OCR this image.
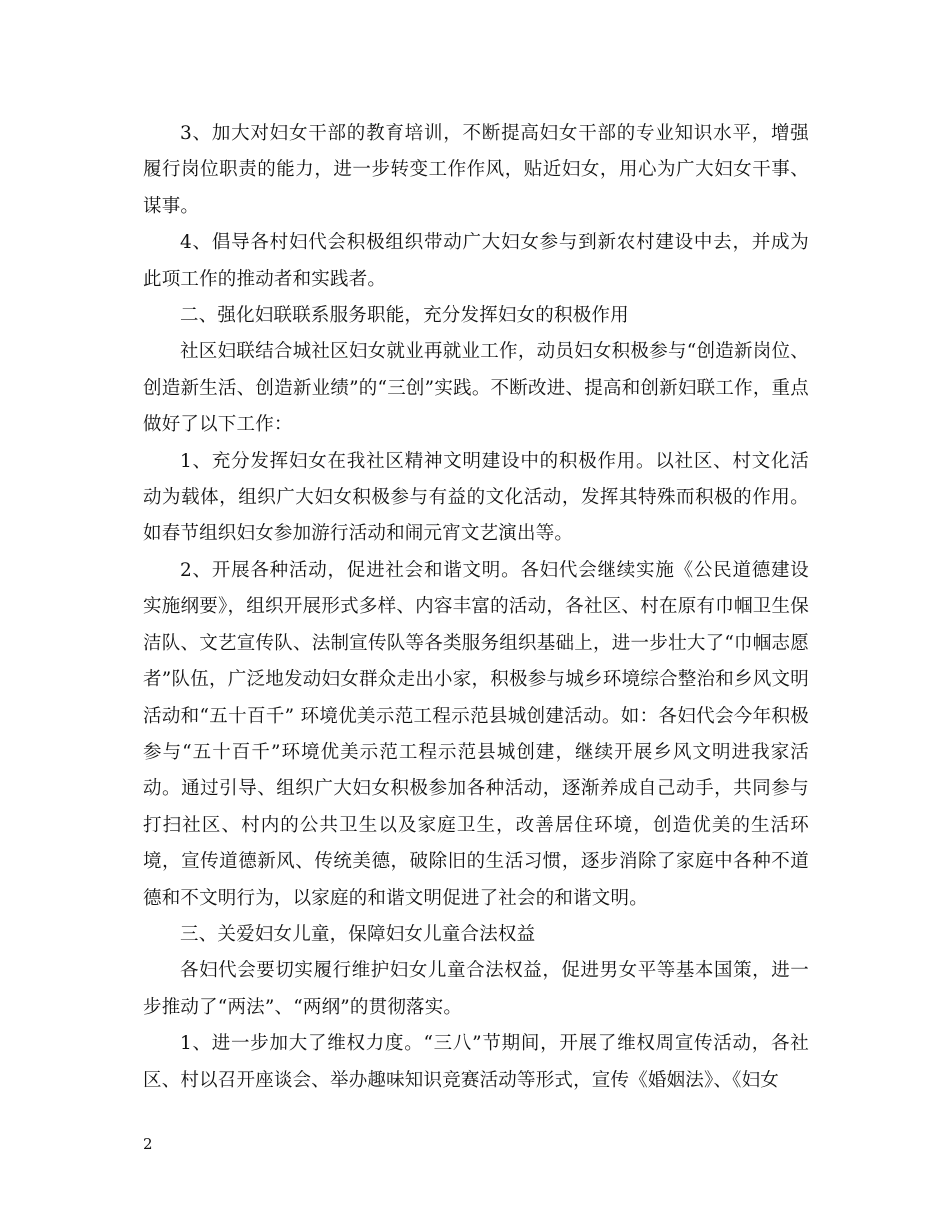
3、加大对妇女干部的教育培训，不断提高妇女干部的专业知识水平，增强履行岗位职责的能力，进一步转变工作作风，贴近妇女，用心为广大妇女干事、谋事。

4、倡导各村妇代会积极组织带动广大妇女参与到新农村建设中去，并成为此项工作的推动者和实践者。

二、强化妇联联系服务职能，充分发挥妇女的积极作用

社区妇联结合城社区妇女就业再就业工作，动员妇女积极参与“创造新岗位、创造新生活、创造新业绩”的“三创”实践。不断改进、提高和创新妇联工作，重点做好了以下工作：

1、充分发挥妇女在我社区精神文明建设中的积极作用。以社区、村文化活动为载体，组织广大妇女积极参与有益的文化活动，发挥其特殊而积极的作用。如春节组织妇女参加游行活动和闹元宵文艺演出等。

2、开展各种活动，促进社会和谐文明。各妇代会继续实施《公民道德建设实施纲要》，组织开展形式多样、内容丰富的活动，各社区、村在原有巾帼卫生保洁队、文艺宣传队、法制宣传队等各类服务组织基础上，进一步壮大了“巾帼志愿者”队伍，广泛地发动妇女群众走出小家，积极参与城乡环境综合整治和乡风文明活动和“五十百千” 环境优美示范工程示范县城创建活动。如：各妇代会今年积极参与“五十百千”环境优美示范工程示范县城创建，继续开展乡风文明进我家活动。通过引导、组织广大妇女积极参加各种活动，逐渐养成自己动手，共同参与打扫社区、村内的公共卫生以及家庭卫生，改善居住环境，创造优美的生活环境，宣传道德新风、传统美德，破除旧的生活习惯，逐步消除了家庭中各种不道德和不文明行为，以家庭的和谐文明促进了社会的和谐文明。

三、关爱妇女儿童，保障妇女儿童合法权益

各妇代会要切实履行维护妇女儿童合法权益，促进男女平等基本国策，进一步推动了“两法”、“两纲”的贯彻落实。

1、进一步加大了维权力度。“三八”节期间，开展了维权周宣传活动，各社区、村以召开座谈会、举办趣味知识竞赛活动等形式，宣传《婚姻法》、《妇女

2
